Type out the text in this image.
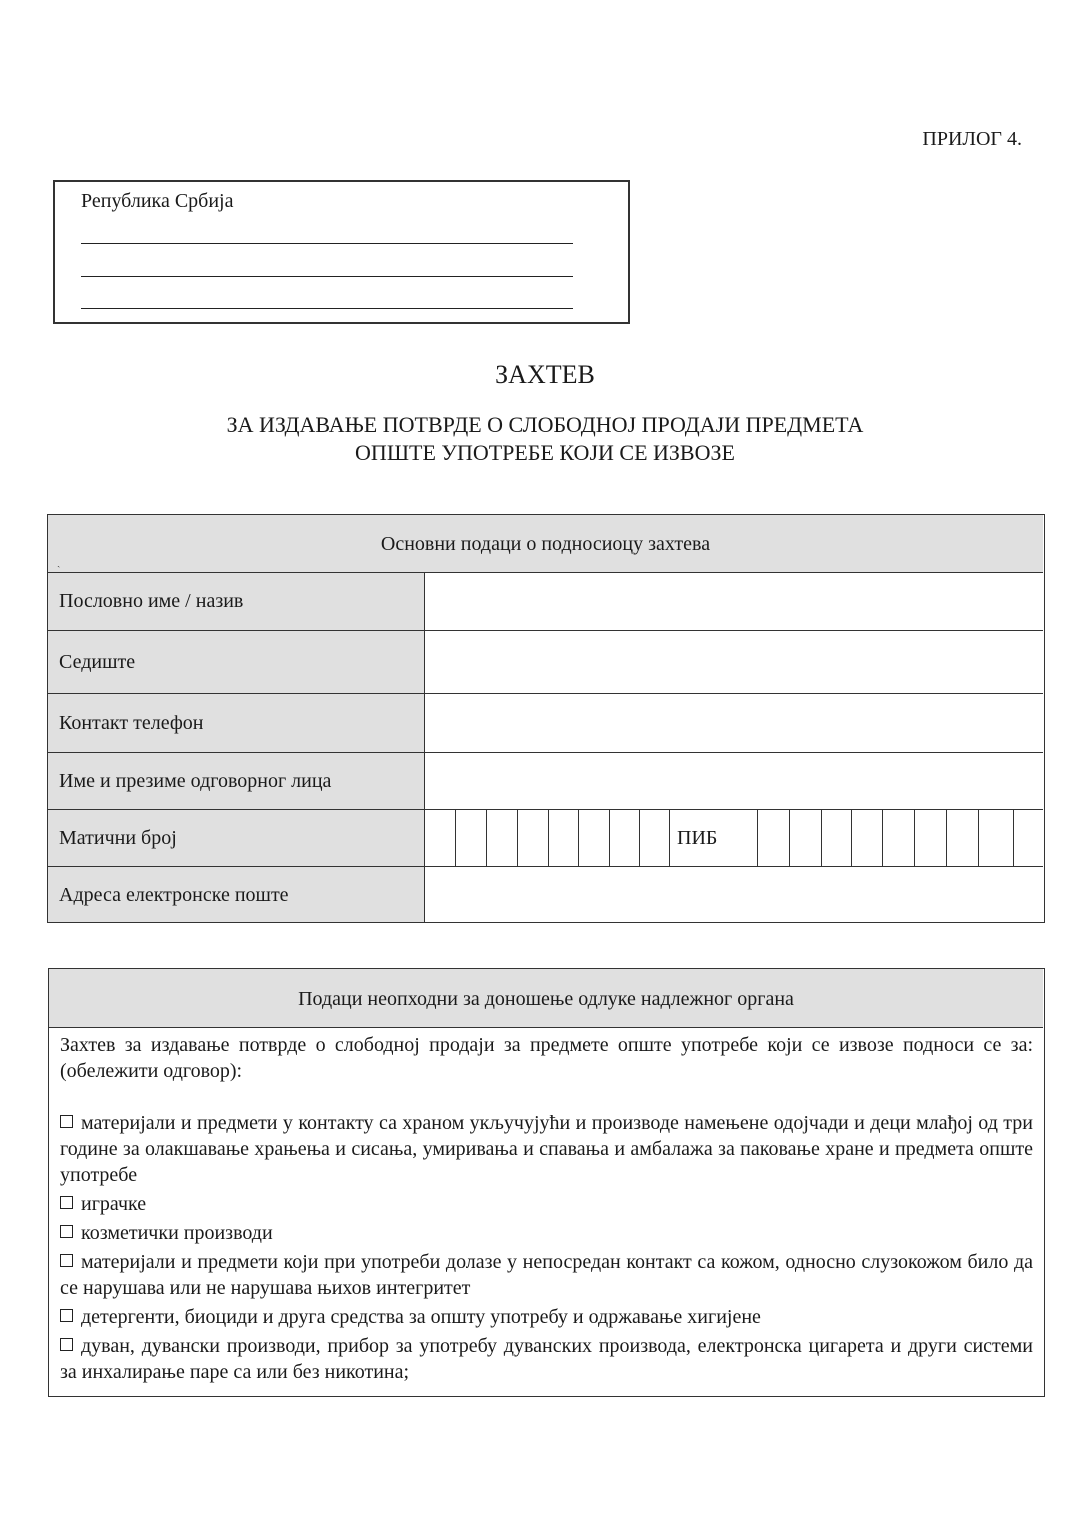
ПРИЛОГ 4.
Република Србија
ЗАХТЕВ
ЗА ИЗДАВАЊЕ ПОТВРДЕ О СЛОБОДНОЈ ПРОДАЈИ ПРЕДМЕТА
ОПШТЕ УПОТРЕБЕ КОЈИ СЕ ИЗВОЗЕ
ˏ
Основни подаци о подносиоцу захтева
Пословно име / назив
Седиште
Контакт телефон
Име и презиме одговорног лица
Матични број	ПИБ
Адреса електронске поште
Подаци неопходни за доношење одлуке надлежног органа
Захтев за издавање потврде о слободној продаји за предмете опште употребе који се извозе подноси се за: (обележити одговор):
материјали и предмети у контакту са храном укључујући и производе намењене одојчади и деци млађој од три године за олакшавање храњења и сисања, умиривања и спавања и амбалажа за паковање хране и предмета опште употребе
играчке
козметички производи
материјали и предмети који при употреби долазе у непосредан контакт са кожом, односно слузокожом било да се нарушава или не нарушава њихов интегритет
детергенти, биоциди и друга средства за општу употребу и одржавање хигијене
дуван, дувански производи, прибор за употребу дуванских производа, електронска цигарета и други системи за инхалирање паре са или без никотина;
